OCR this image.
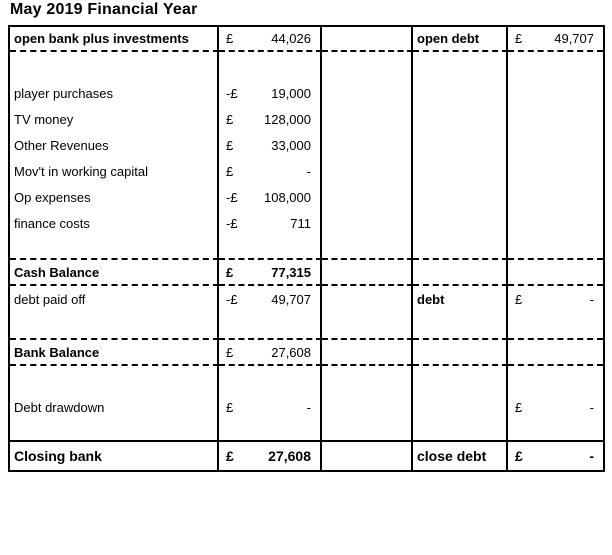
May 2019 Financial Year
open bank plus investments	£	44,026	open debt	£ 49,707
player purchases	-£	19,000
TV money	£ 128,000
Other Revenues	£	33,000
Mov't in working capital	£	-
Op expenses	-£ 108,000
finance costs	-£	711
Cash Balance	£	77,315
debt paid off	-£	49,707	debt	£	-
Bank Balance	£	27,608
Debt drawdown	£	-	£	-
Closing bank	£ 27,608	close debt	£	-
